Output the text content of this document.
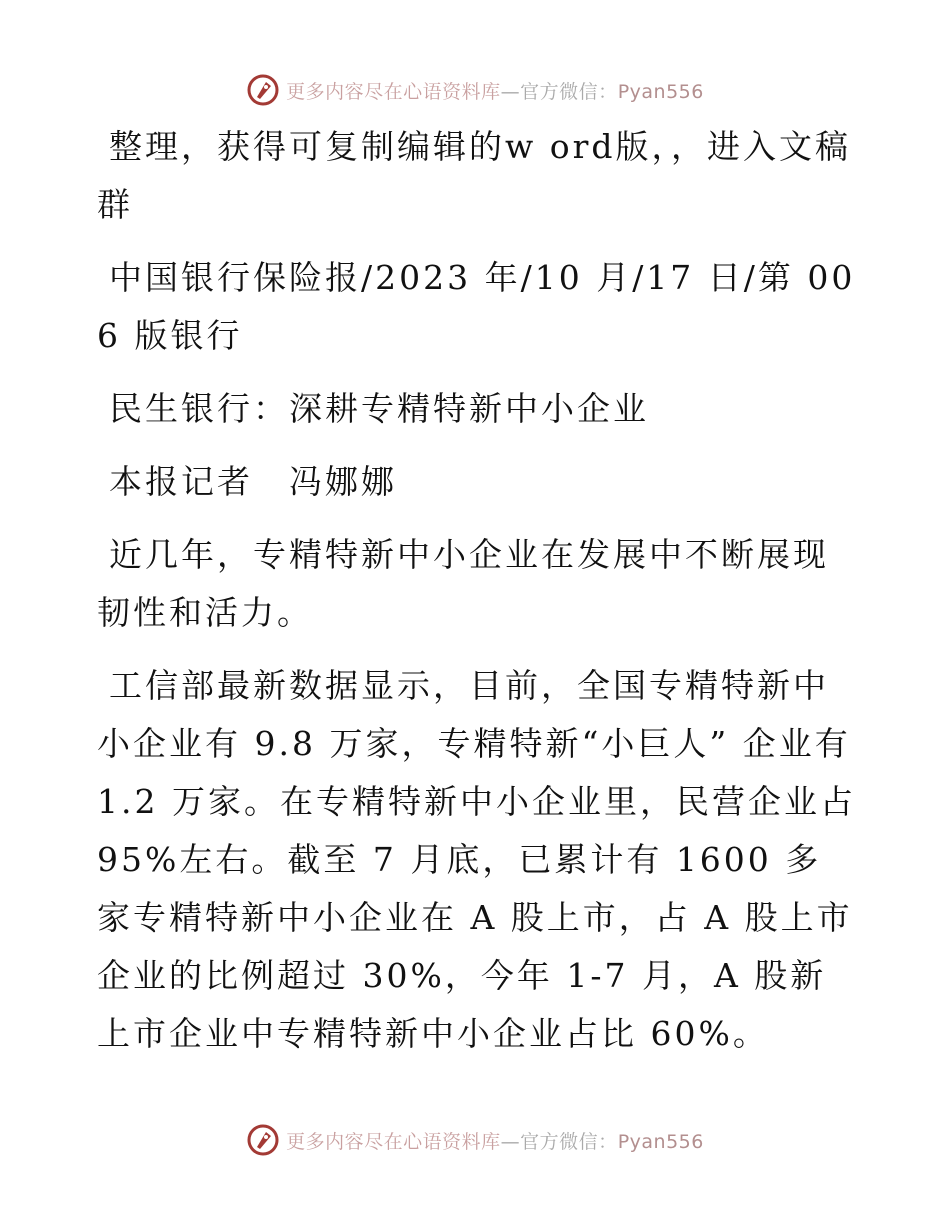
更多内容尽在心语资料库—官方微信：Pyan556

整理，获得可复制编辑的w ord版，，进入文稿群

中国银行保险报/2023 年/10 月/17 日/第 006 版银行

民生银行：深耕专精特新中小企业

本报记者　冯娜娜

近几年，专精特新中小企业在发展中不断展现韧性和活力。

工信部最新数据显示，目前，全国专精特新中小企业有 9.8 万家，专精特新“小巨人” 企业有 1.2 万家。在专精特新中小企业里，民营企业占95%左右。截至 7 月底，已累计有 1600 多家专精特新中小企业在 A 股上市，占 A 股上市企业的比例超过 30%，今年 1-7 月，A 股新上市企业中专精特新中小企业占比 60%。

更多内容尽在心语资料库—官方微信：Pyan556
